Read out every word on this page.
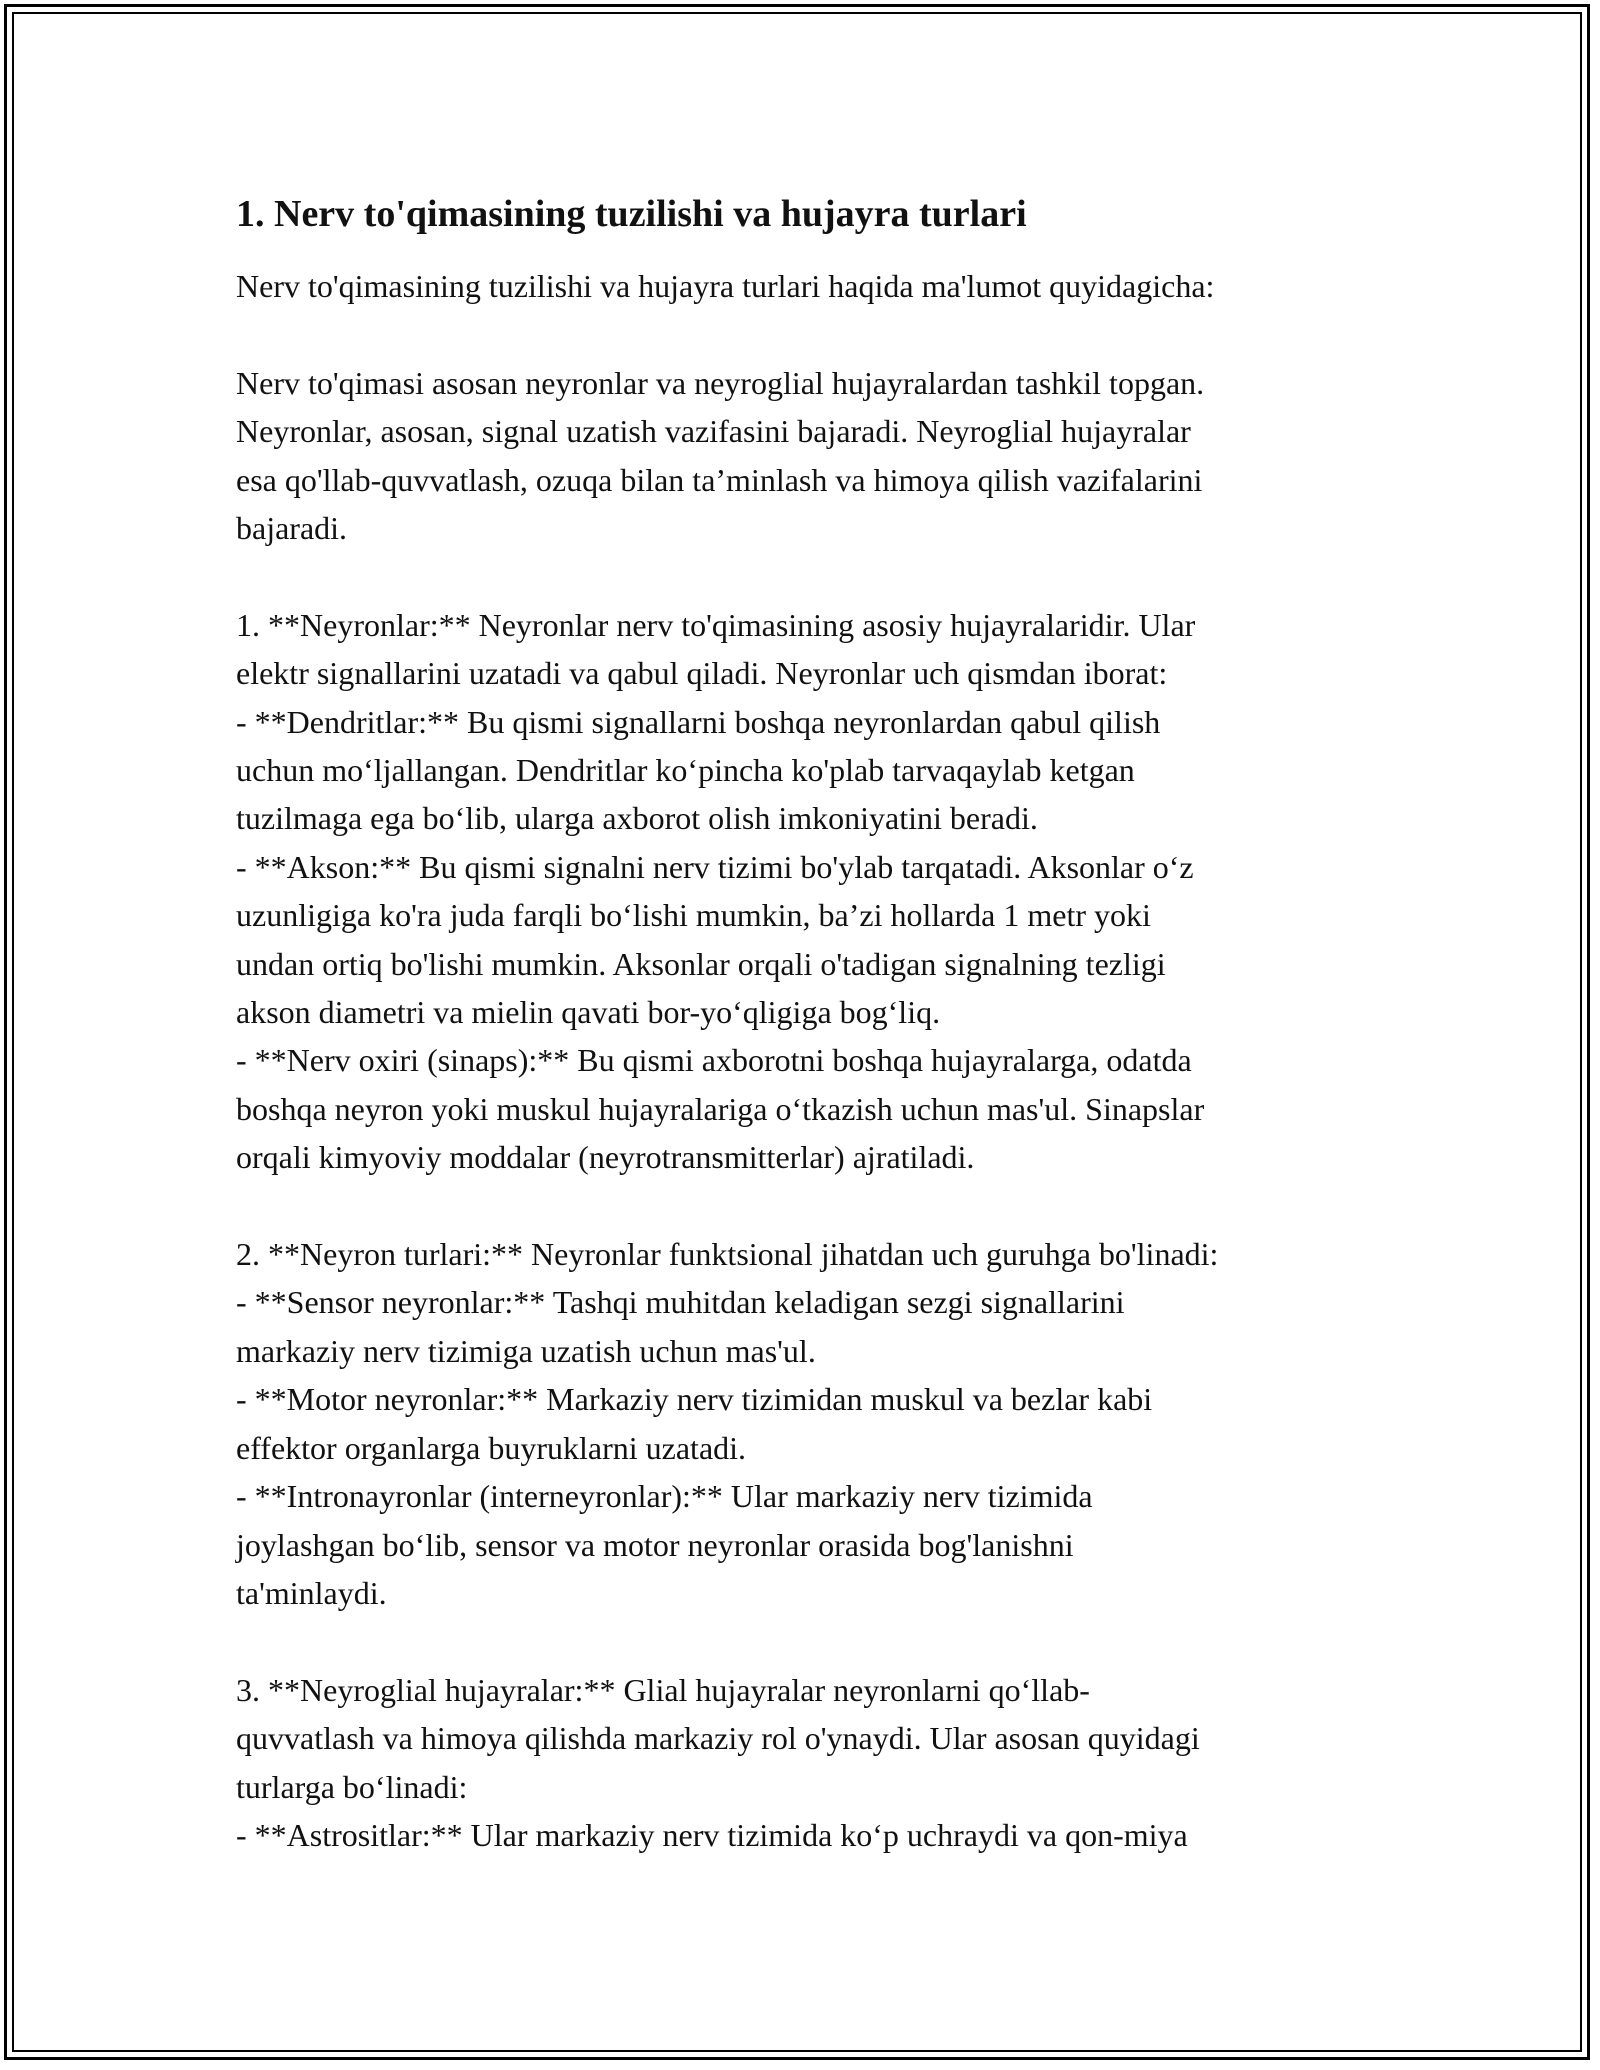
1. Nerv to'qimasining tuzilishi va hujayra turlari

Nerv to'qimasining tuzilishi va hujayra turlari haqida ma'lumot quyidagicha:

Nerv to'qimasi asosan neyronlar va neyroglial hujayralardan tashkil topgan.
Neyronlar, asosan, signal uzatish vazifasini bajaradi. Neyroglial hujayralar
esa qo'llab-quvvatlash, ozuqa bilan ta’minlash va himoya qilish vazifalarini
bajaradi.

1. **Neyronlar:** Neyronlar nerv to'qimasining asosiy hujayralaridir. Ular
elektr signallarini uzatadi va qabul qiladi. Neyronlar uch qismdan iborat:
- **Dendritlar:** Bu qismi signallarni boshqa neyronlardan qabul qilish
uchun moʻljallangan. Dendritlar koʻpincha ko'plab tarvaqaylab ketgan
tuzilmaga ega boʻlib, ularga axborot olish imkoniyatini beradi.
- **Akson:** Bu qismi signalni nerv tizimi bo'ylab tarqatadi. Aksonlar oʻz
uzunligiga ko'ra juda farqli boʻlishi mumkin, ba’zi hollarda 1 metr yoki
undan ortiq bo'lishi mumkin. Aksonlar orqali o'tadigan signalning tezligi
akson diametri va mielin qavati bor-yoʻqligiga bogʻliq.
- **Nerv oxiri (sinaps):** Bu qismi axborotni boshqa hujayralarga, odatda
boshqa neyron yoki muskul hujayralariga oʻtkazish uchun mas'ul. Sinapslar
orqali kimyoviy moddalar (neyrotransmitterlar) ajratiladi.

2. **Neyron turlari:** Neyronlar funktsional jihatdan uch guruhga bo'linadi:
- **Sensor neyronlar:** Tashqi muhitdan keladigan sezgi signallarini
markaziy nerv tizimiga uzatish uchun mas'ul.
- **Motor neyronlar:** Markaziy nerv tizimidan muskul va bezlar kabi
effektor organlarga buyruklarni uzatadi.
- **Intronayronlar (interneyronlar):** Ular markaziy nerv tizimida
joylashgan boʻlib, sensor va motor neyronlar orasida bog'lanishni
ta'minlaydi.

3. **Neyroglial hujayralar:** Glial hujayralar neyronlarni qoʻllab-
quvvatlash va himoya qilishda markaziy rol o'ynaydi. Ular asosan quyidagi
turlarga boʻlinadi:
- **Astrositlar:** Ular markaziy nerv tizimida koʻp uchraydi va qon-miya
